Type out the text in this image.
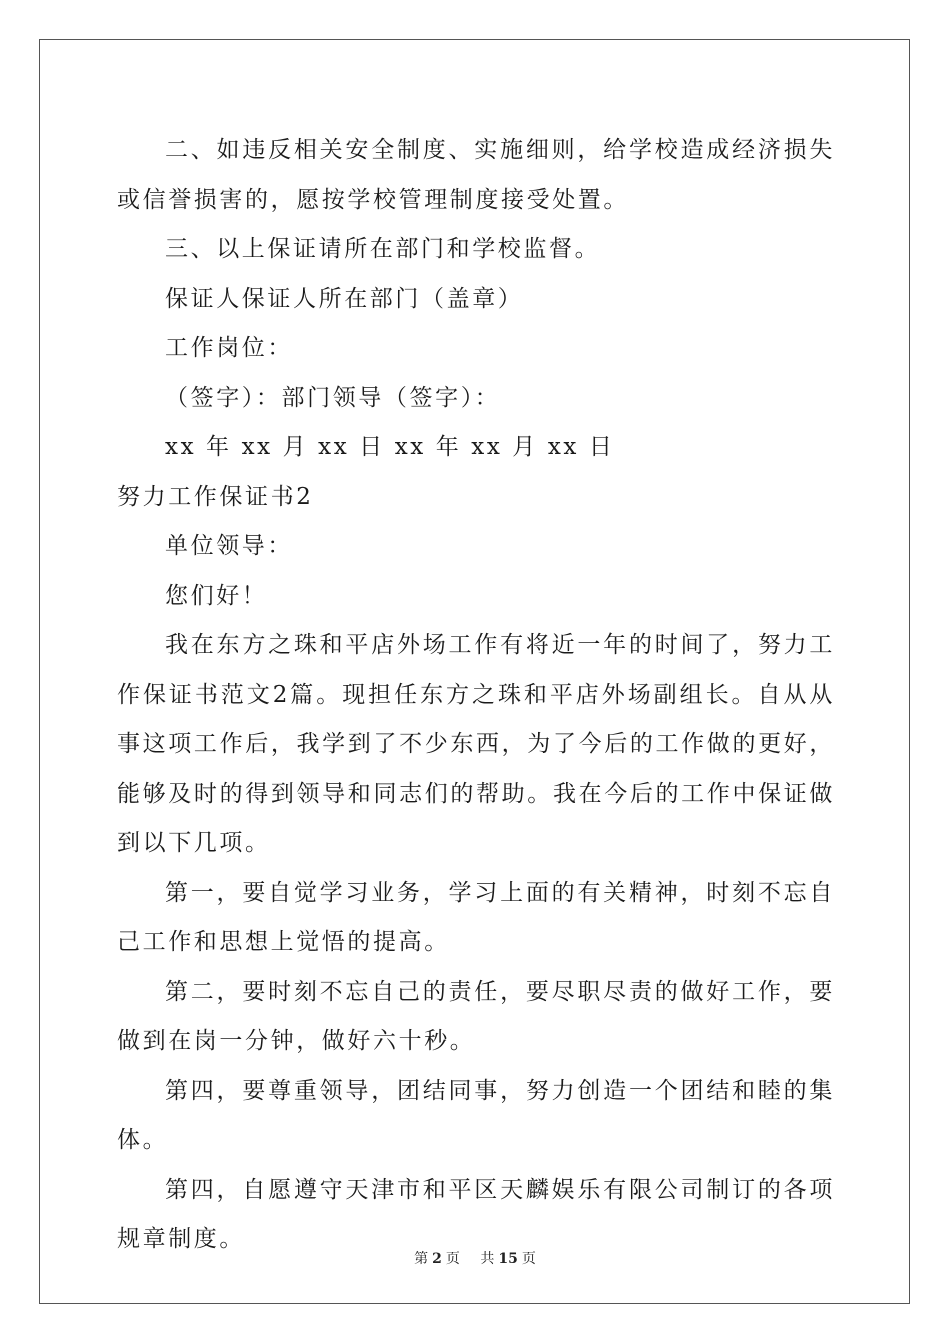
二、如违反相关安全制度、实施细则，给学校造成经济损失或信誉损害的，愿按学校管理制度接受处置。

三、以上保证请所在部门和学校监督。

保证人保证人所在部门（盖章）

工作岗位：

（签字）：部门领导（签字）：

xx 年 xx 月 xx 日 xx 年 xx 月 xx 日

努力工作保证书2

单位领导：

您们好！

我在东方之珠和平店外场工作有将近一年的时间了，努力工作保证书范文2篇。现担任东方之珠和平店外场副组长。自从从事这项工作后，我学到了不少东西，为了今后的工作做的更好，能够及时的得到领导和同志们的帮助。我在今后的工作中保证做到以下几项。

第一，要自觉学习业务，学习上面的有关精神，时刻不忘自己工作和思想上觉悟的提高。

第二，要时刻不忘自己的责任，要尽职尽责的做好工作，要做到在岗一分钟，做好六十秒。

第四，要尊重领导，团结同事，努力创造一个团结和睦的集体。

第四，自愿遵守天津市和平区天麟娱乐有限公司制订的各项规章制度。

第 2 页 共 15 页
